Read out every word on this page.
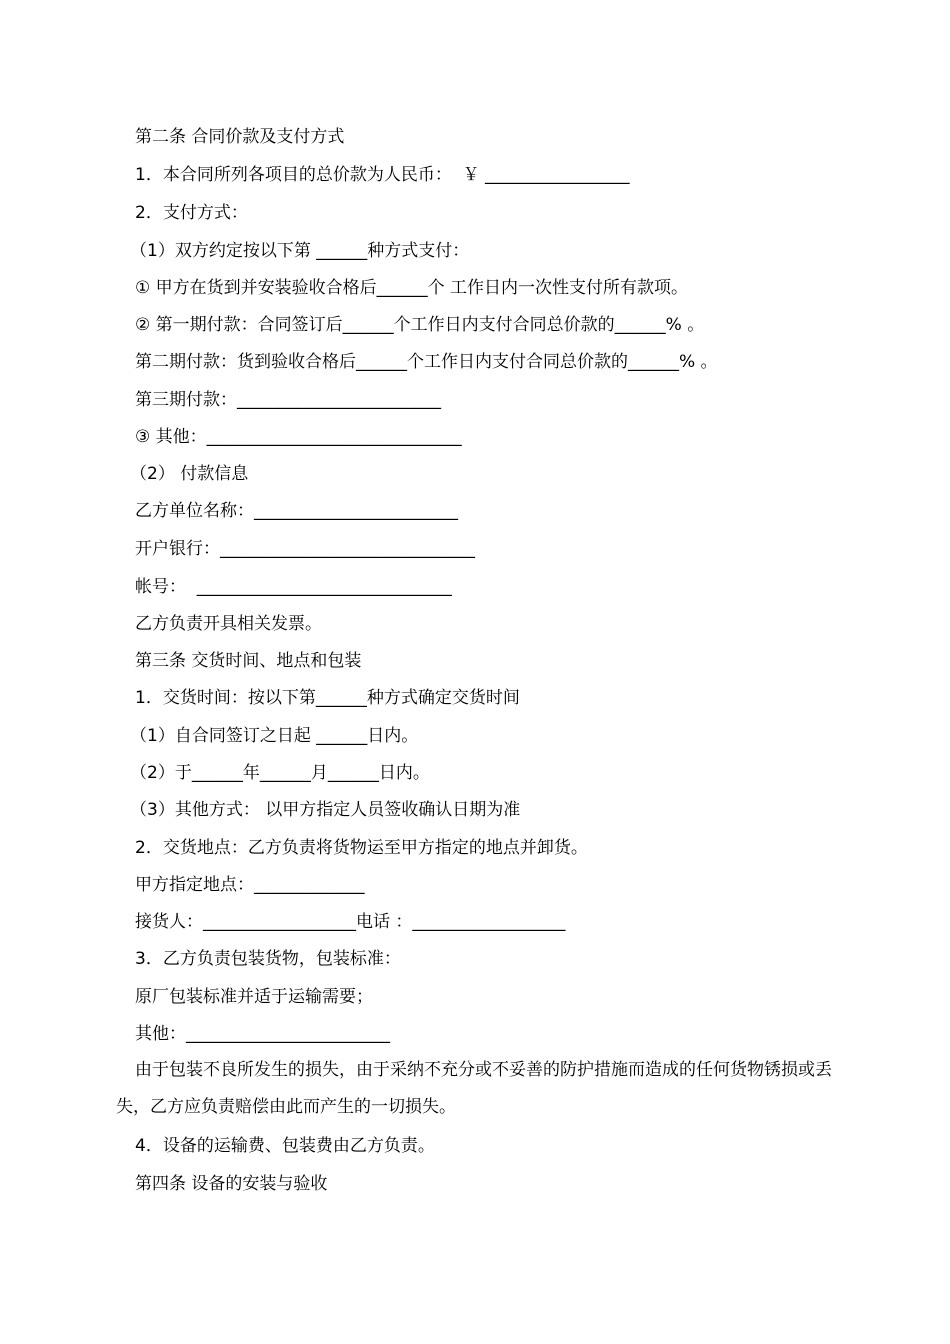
第二条 合同价款及支付方式
1．本合同所列各项目的总价款为人民币：  ￥ _________________
2．支付方式：
（1）双方约定按以下第 ______种方式支付：
① 甲方在货到并安装验收合格后______个 工作日内一次性支付所有款项。
② 第一期付款：合同签订后______个工作日内支付合同总价款的______% 。
第二期付款：货到验收合格后______个工作日内支付合同总价款的______% 。
第三期付款：________________________
③ 其他：______________________________
（2） 付款信息
乙方单位名称：________________________
开户银行：______________________________
帐号：  ______________________________
乙方负责开具相关发票。
第三条 交货时间、地点和包装
1．交货时间：按以下第______种方式确定交货时间
（1）自合同签订之日起 ______日内。
（2）于______年______月______日内。
（3）其他方式： 以甲方指定人员签收确认日期为准
2．交货地点：乙方负责将货物运至甲方指定的地点并卸货。
甲方指定地点：_____________
接货人：__________________电话 ：__________________
3．乙方负责包装货物，包装标准：
原厂包装标准并适于运输需要；
其他：________________________
由于包装不良所发生的损失，由于采纳不充分或不妥善的防护措施而造成的任何货物锈损或丢失，乙方应负责赔偿由此而产生的一切损失。
4．设备的运输费、包装费由乙方负责。
第四条 设备的安装与验收
